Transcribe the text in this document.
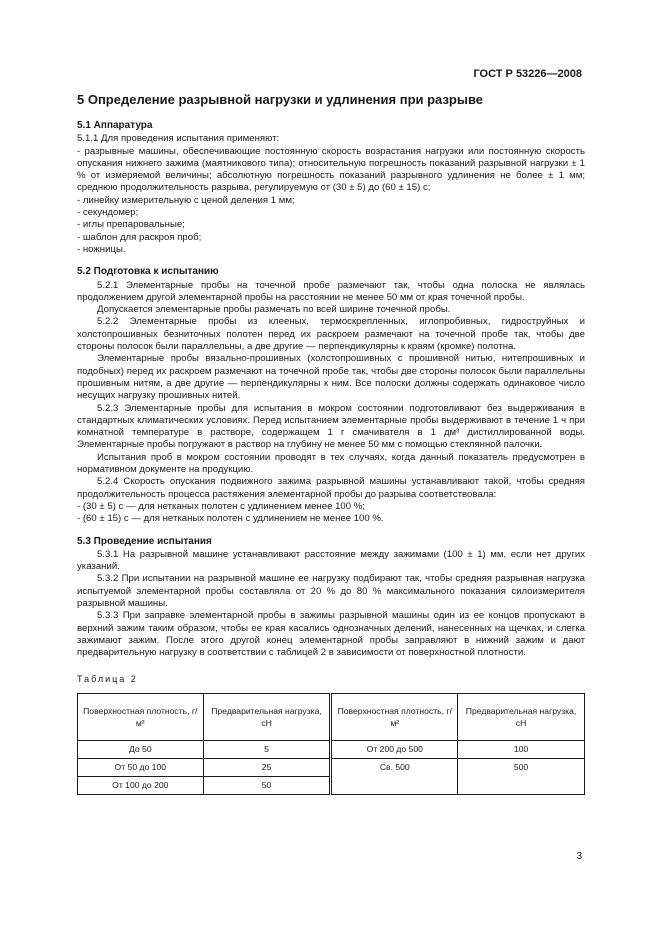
ГОСТ Р 53226—2008
5 Определение разрывной нагрузки и удлинения при разрыве
5.1 Аппаратура

5.1.1 Для проведения испытания применяют:

- разрывные машины, обеспечивающие постоянную скорость возрастания нагрузки или постоянную скорость опускания нижнего зажима (маятникового типа); относительную погрешность показаний разрывной нагрузки ± 1 % от измеряемой величины; абсолютную погрешность показаний разрывного удлинения не более ± 1 мм; среднюю продолжительность разрыва, регулируемую от (30 ± 5) до (60 ± 15) с;

- линейку измерительную с ценой деления 1 мм;

- секундомер;

- иглы препаровальные;

- шаблон для раскроя проб;

- ножницы.

5.2 Подготовка к испытанию

5.2.1 Элементарные пробы на точечной пробе размечают так, чтобы одна полоска не являлась продолжением другой элементарной пробы на расстоянии не менее 50 мм от края точечной пробы.

Допускается элементарные пробы размечать по всей ширине точечной пробы.

5.2.2 Элементарные пробы из клееных, термоскрепленных, иглопробивных, гидроструйных и холстопрошивных безниточных полотен перед их раскроем размечают на точечной пробе так, чтобы две стороны полосок были параллельны, а две другие — перпендикулярны к краям (кромке) полотна.

Элементарные пробы вязально-прошивных (холстопрошивных с прошивной нитью, нитепрошивных и подобных) перед их раскроем размечают на точечной пробе так, чтобы две стороны полосок были параллельны прошивным нитям, а две другие — перпендикулярны к ним. Все полоски должны содержать одинаковое число несущих нагрузку прошивных нитей.

5.2.3 Элементарные пробы для испытания в мокром состоянии подготовливают без выдерживания в стандартных климатических условиях. Перед испытанием элементарные пробы выдерживают в течение 1 ч при комнатной температуре в растворе, содержащем 1 г смачивателя в 1 дм³ дистиллированной воды. Элементарные пробы погружают в раствор на глубину не менее 50 мм с помощью стеклянной палочки.

Испытания проб в мокром состоянии проводят в тех случаях, когда данный показатель предусмотрен в нормативном документе на продукцию.

5.2.4 Скорость опускания подвижного зажима разрывной машины устанавливают такой, чтобы средняя продолжительность процесса растяжения элементарной пробы до разрыва соответствовала:

- (30 ± 5) с — для нетканых полотен с удлинением менее 100 %;

- (60 ± 15) с — для нетканых полотен с удлинением не менее 100 %.

5.3 Проведение испытания

5.3.1 На разрывной машине устанавливают расстояние между зажимами (100 ± 1) мм, если нет других указаний.

5.3.2 При испытании на разрывной машине ее нагрузку подбирают так, чтобы средняя разрывная нагрузка испытуемой элементарной пробы составляла от 20 % до 80 % максимального показания силоизмерителя разрывной машины.

5.3.3 При заправке элементарной пробы в зажимы разрывной машины один из ее концов пропускают в верхний зажим таким образом, чтобы ее края касались однозначных делений, нанесенных на щечках, и слегка зажимают зажим. После этого другой конец элементарной пробы заправляют в нижний зажим и дают предварительную нагрузку в соответствии с таблицей 2 в зависимости от поверхностной плотности.

Таблица 2
Поверхностная плотность, г/м²	Предварительная нагрузка, сН	Поверхностная плотность, г/м²	Предварительная нагрузка, сН
До 50	5	От 200 до 500	100
От 50 до 100	25	Св. 500	500
От 100 до 200	50		
3
